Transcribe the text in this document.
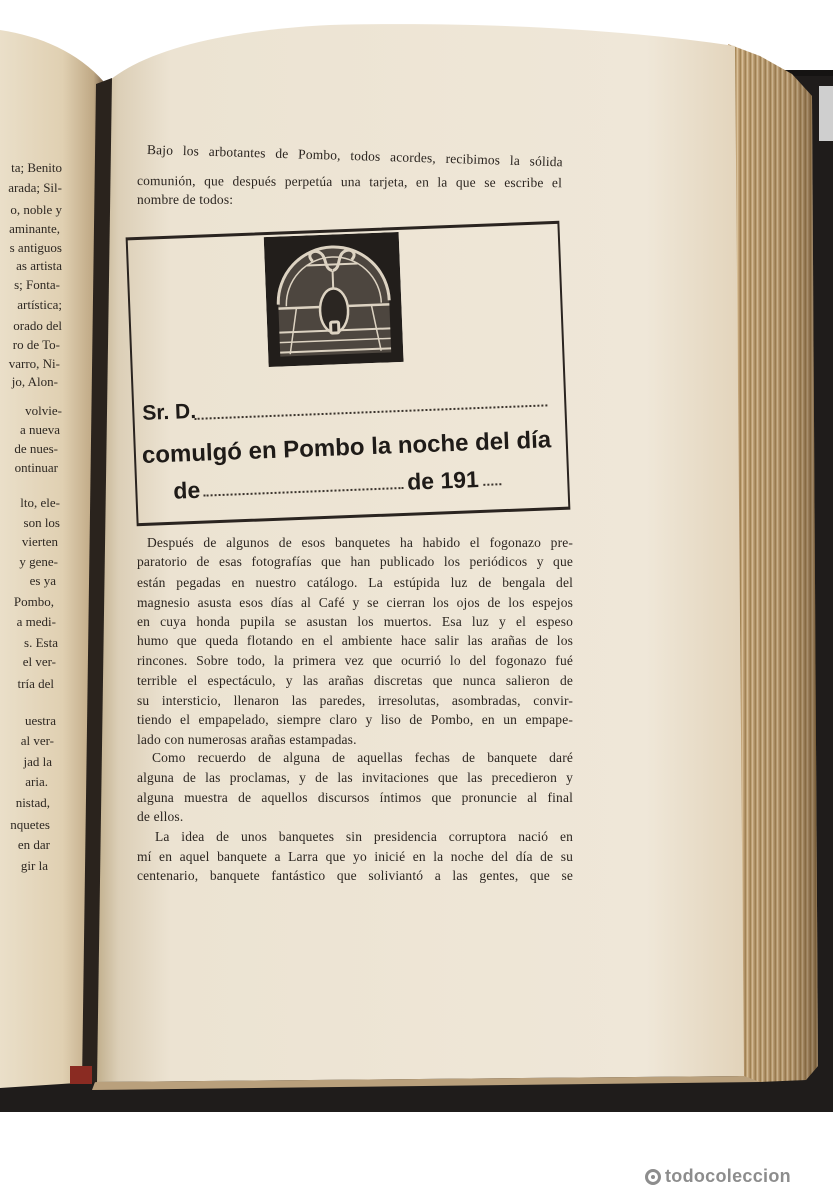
ta; Benito
arada; Sil-
o, noble y
aminante,
s antiguos
as artista
s; Fonta-
artística;
orado del
ro de To-
varro, Ni-
jo, Alon-
volvie-
a nueva
de nues-
ontinuar
lto, ele-
son los
vierten
y gene-
es ya
Pombo,
a medi-
s. Esta
el ver-
tría del
uestra
al ver-
jad la
aria.
nistad,
nquetes
en dar
gir la
Bajo los arbotantes de Pombo, todos acordes, recibimos la sólida
comunión, que después perpetúa una tarjeta, en la que se escribe el
nombre de todos:
Sr. D.
comulgó en Pombo la noche del día
de	de 191
Después de algunos de esos banquetes ha habido el fogonazo pre-
paratorio de esas fotografías que han publicado los periódicos y que
están pegadas en nuestro catálogo. La estúpida luz de bengala del
magnesio asusta esos días al Café y se cierran los ojos de los espejos
en cuya honda pupila se asustan los muertos. Esa luz y el espeso
humo que queda flotando en el ambiente hace salir las arañas de los
rincones. Sobre todo, la primera vez que ocurrió lo del fogonazo fué
terrible el espectáculo, y las arañas discretas que nunca salieron de
su intersticio, llenaron las paredes, irresolutas, asombradas, convir-
tiendo el empapelado, siempre claro y liso de Pombo, en un empape-
lado con numerosas arañas estampadas.
Como recuerdo de alguna de aquellas fechas de banquete daré
alguna de las proclamas, y de las invitaciones que las precedieron y
alguna muestra de aquellos discursos íntimos que pronuncie al final
de ellos.
La idea de unos banquetes sin presidencia corruptora nació en
mí en aquel banquete a Larra que yo inicié en la noche del día de su
centenario, banquete fantástico que soliviantó a las gentes, que se
todocoleccion
